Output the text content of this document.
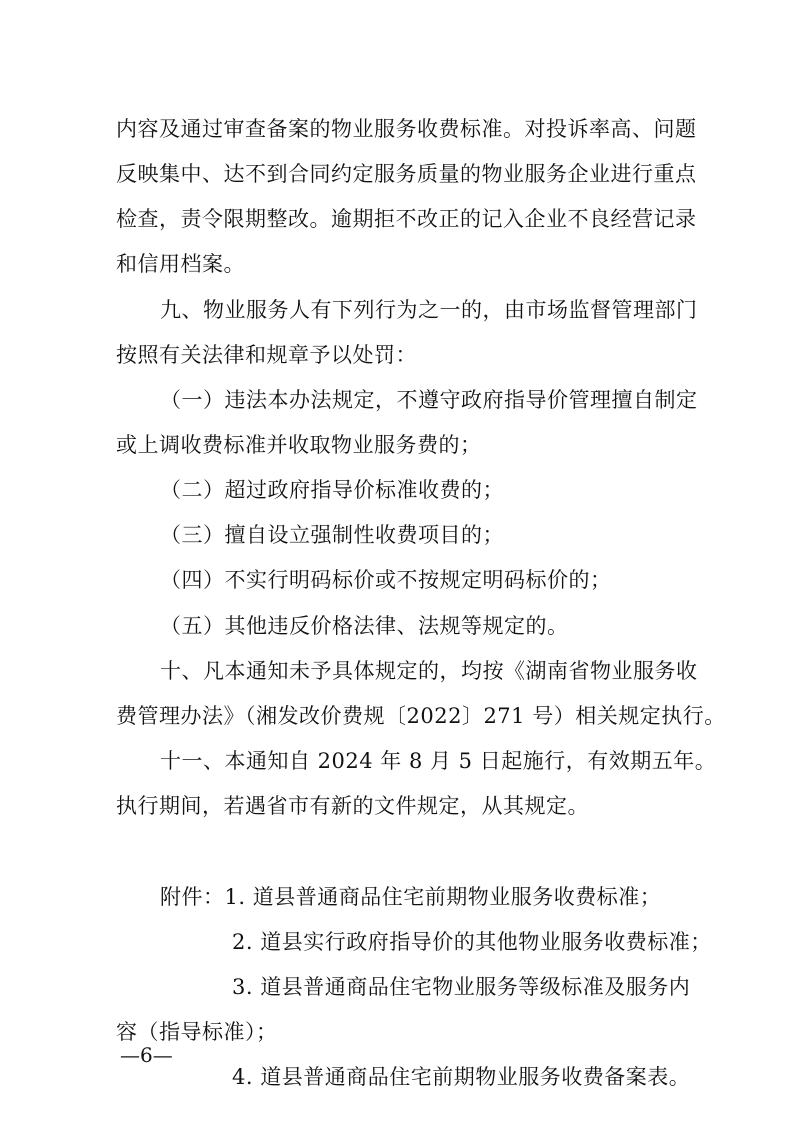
内容及通过审查备案的物业服务收费标准。对投诉率高、问题
反映集中、达不到合同约定服务质量的物业服务企业进行重点
检查，责令限期整改。逾期拒不改正的记入企业不良经营记录
和信用档案。
九、物业服务人有下列行为之一的，由市场监督管理部门
按照有关法律和规章予以处罚：
（一）违法本办法规定，不遵守政府指导价管理擅自制定
或上调收费标准并收取物业服务费的；
（二）超过政府指导价标准收费的；
（三）擅自设立强制性收费项目的；
（四）不实行明码标价或不按规定明码标价的；
（五）其他违反价格法律、法规等规定的。
十、凡本通知未予具体规定的，均按《湖南省物业服务收
费管理办法》（湘发改价费规〔2022〕271 号）相关规定执行。
十一、本通知自 2024 年 8 月 5 日起施行，有效期五年。
执行期间，若遇省市有新的文件规定，从其规定。
附件：1. 道县普通商品住宅前期物业服务收费标准；
2. 道县实行政府指导价的其他物业服务收费标准；
3. 道县普通商品住宅物业服务等级标准及服务内
容（指导标准）；
4. 道县普通商品住宅前期物业服务收费备案表。
—6—
